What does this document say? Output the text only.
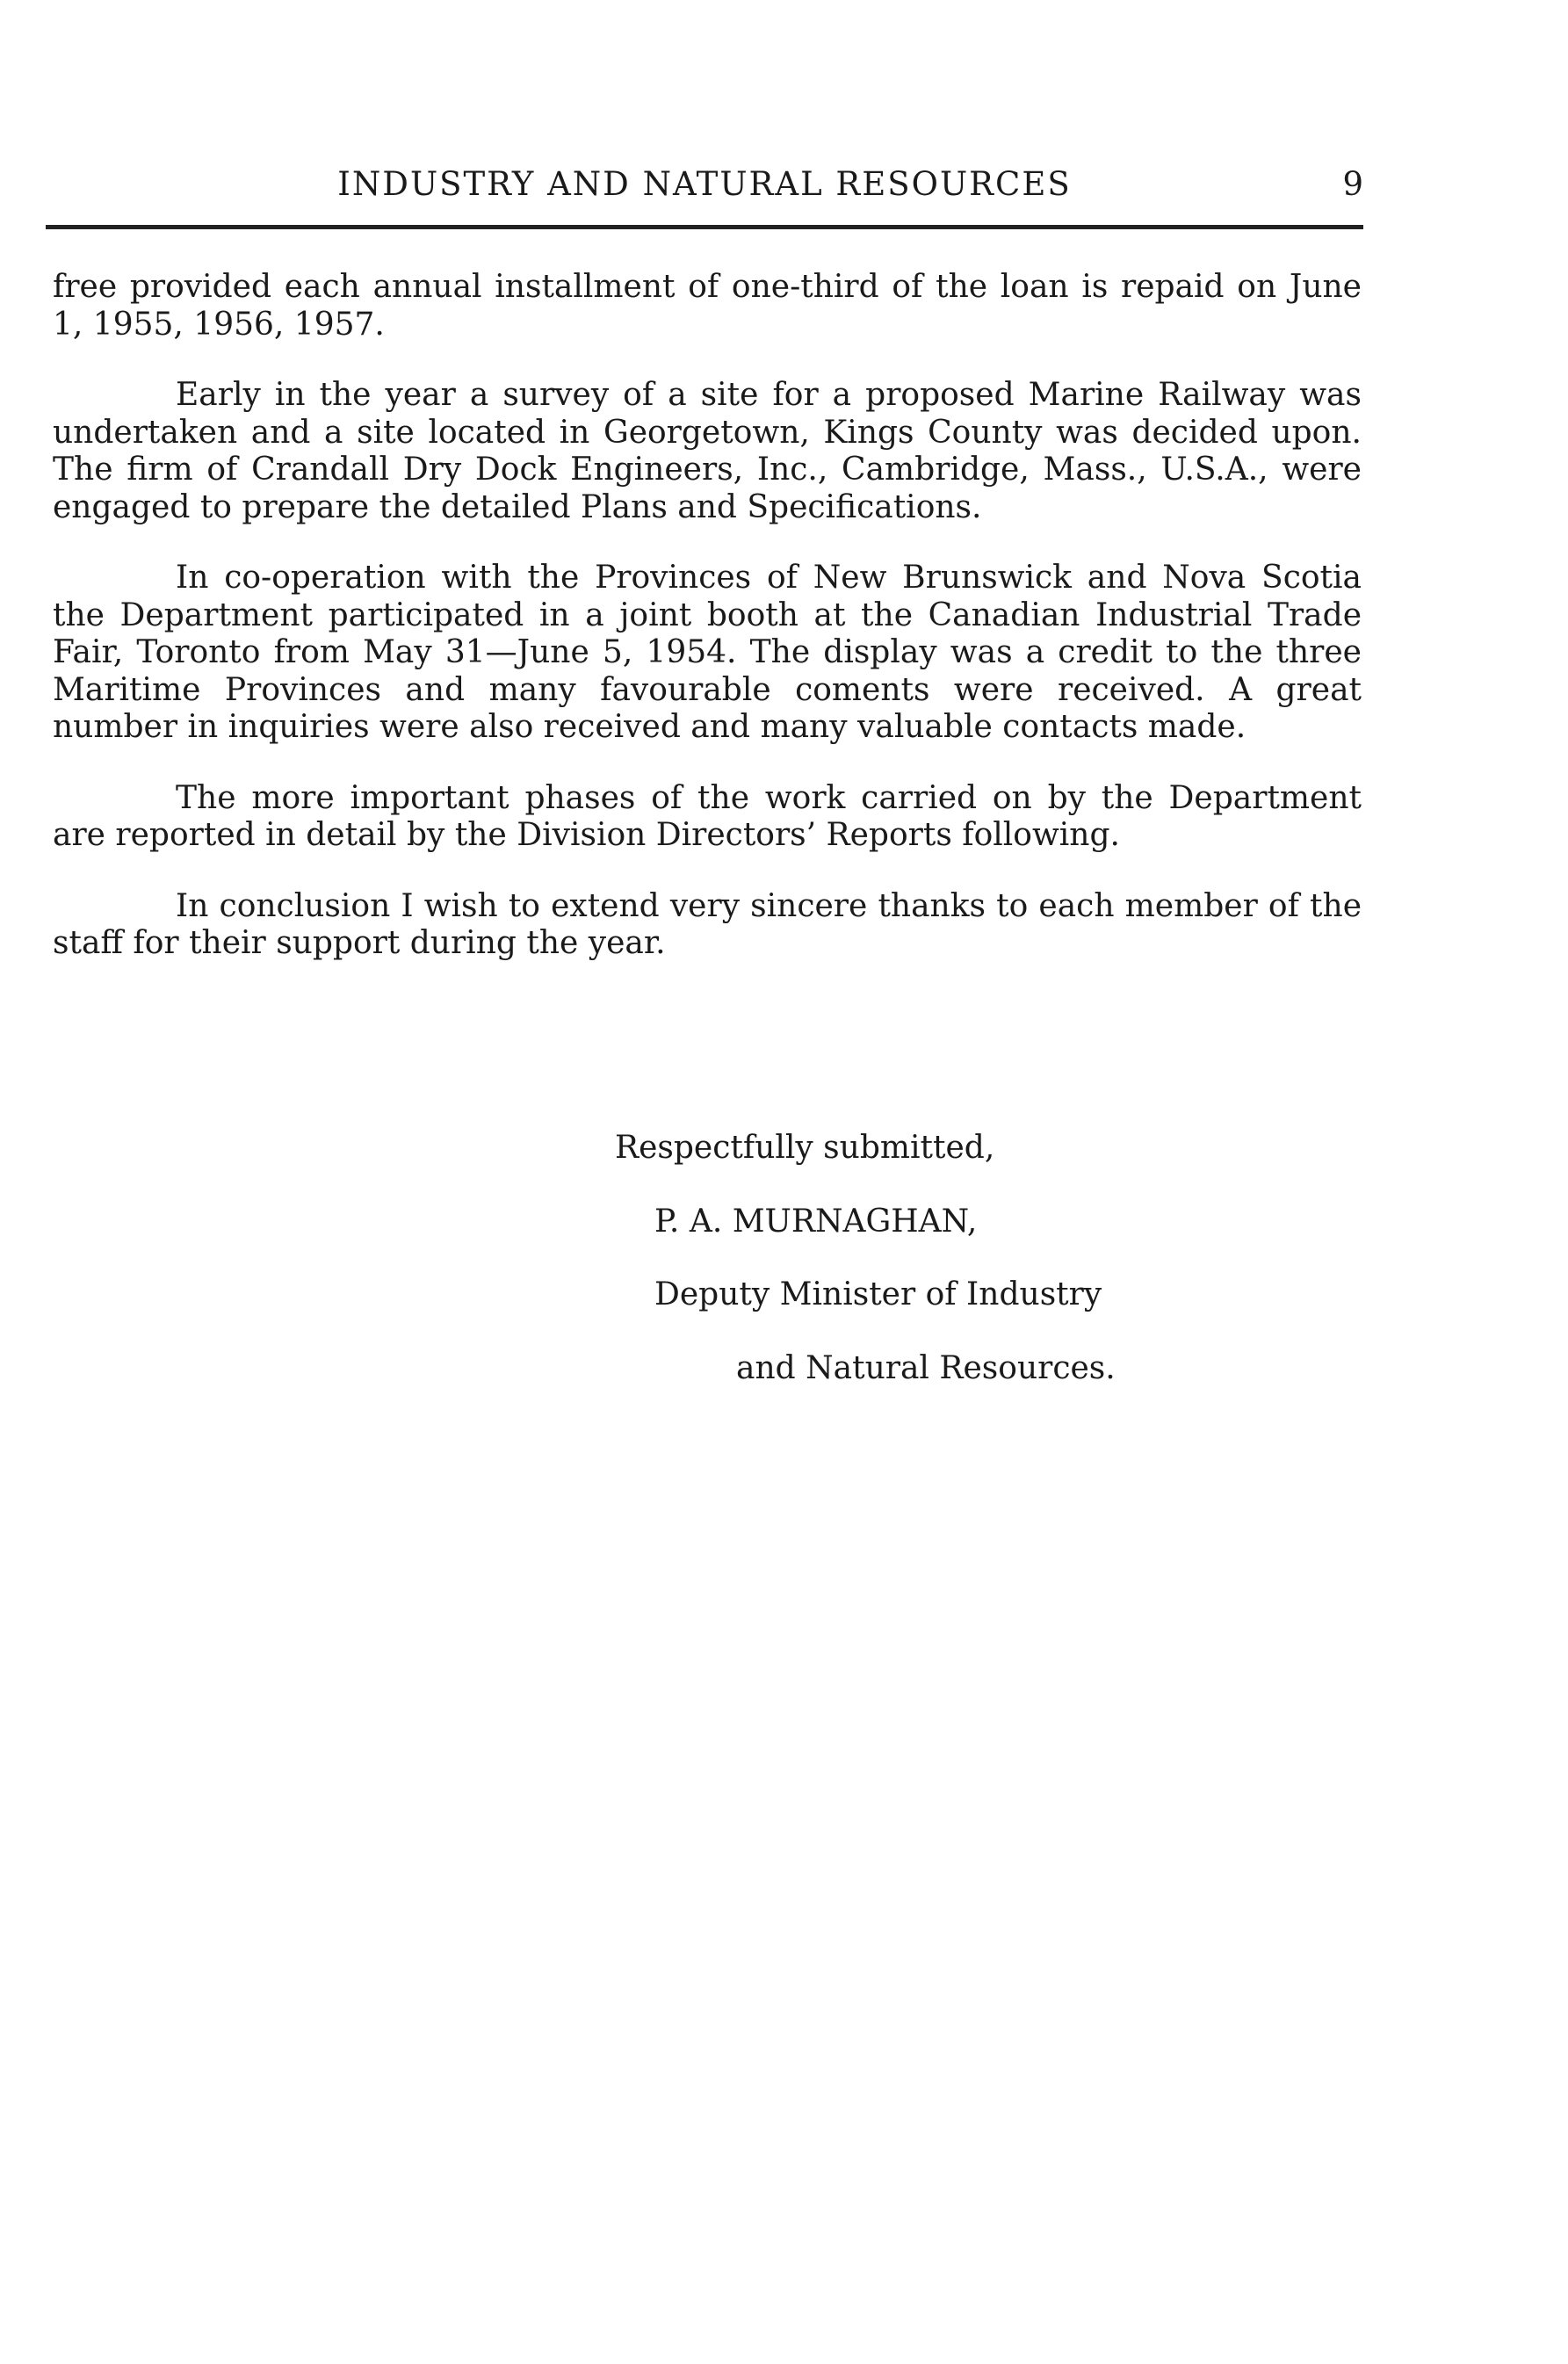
INDUSTRY AND NATURAL RESOURCES	9

free provided each annual installment of one-third of the loan is repaid on June 1, 1955, 1956, 1957.

Early in the year a survey of a site for a proposed Marine Railway was undertaken and a site located in Georgetown, Kings County was decided upon. The firm of Crandall Dry Dock Engineers, Inc., Cambridge, Mass., U.S.A., were engaged to prepare the detailed Plans and Specifications.

In co-operation with the Provinces of New Brunswick and Nova Scotia the Department participated in a joint booth at the Canadian Industrial Trade Fair, Toronto from May 31—June 5, 1954. The display was a credit to the three Maritime Provinces and many favourable coments were received. A great number in inquiries were also received and many valuable contacts made.

The more important phases of the work carried on by the Department are reported in detail by the Division Directors’ Reports following.

In conclusion I wish to extend very sincere thanks to each member of the staff for their support during the year.

Respectfully submitted,
P. A. MURNAGHAN,
Deputy Minister of Industry
and Natural Resources.
